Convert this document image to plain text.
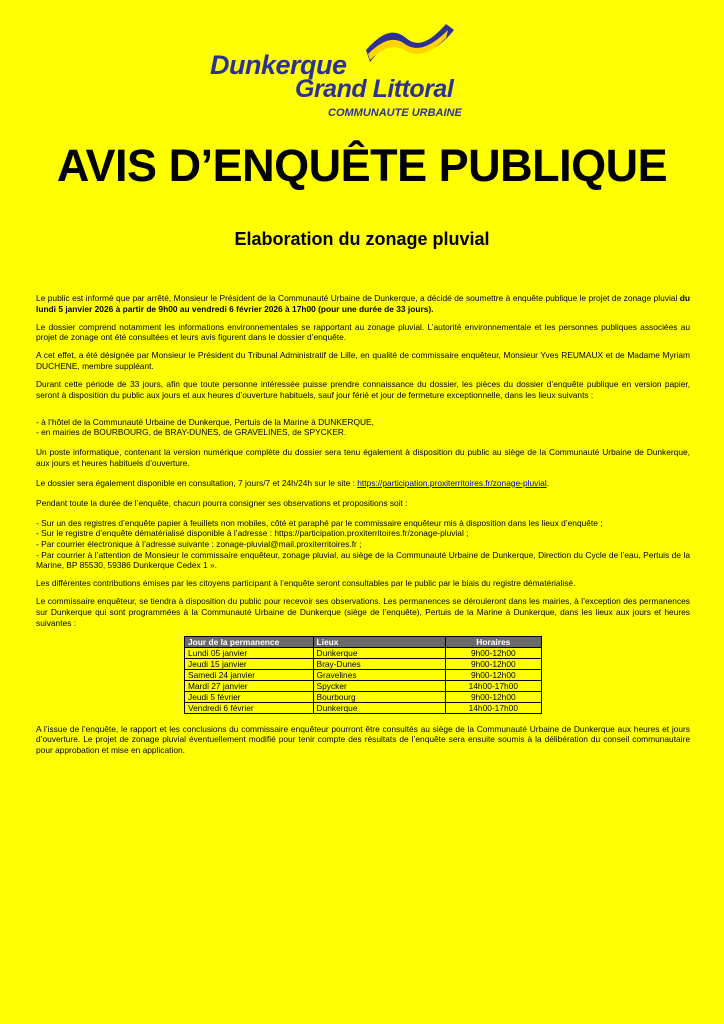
Dunkerque
Grand Littoral
COMMUNAUTE URBAINE
AVIS D’ENQUÊTE PUBLIQUE
Elaboration du zonage pluvial

Le public est informé que par arrêté, Monsieur le Président de la Communauté Urbaine de Dunkerque, a décidé de soumettre à enquête publique le projet de zonage pluvial du lundi 5 janvier 2026 à partir de 9h00 au vendredi 6 février 2026 à 17h00 (pour une durée de 33 jours).

Le dossier comprend notamment les informations environnementales se rapportant au zonage pluvial. L’autorité environnementale et les personnes publiques associées au projet de zonage ont été consultées et leurs avis figurent dans le dossier d’enquête.

A cet effet, a été désignée par Monsieur le Président du Tribunal Administratif de Lille, en qualité de commissaire enquêteur, Monsieur Yves REUMAUX et de Madame Myriam DUCHENE, membre suppléant.

Durant cette période de 33 jours, afin que toute personne intéressée puisse prendre connaissance du dossier, les pièces du dossier d’enquête publique en version papier, seront à disposition du public aux jours et aux heures d’ouverture habituels, sauf jour férié et jour de fermeture exceptionnelle, dans les lieux suivants :

- à l’hôtel de la Communauté Urbaine de Dunkerque, Pertuis de la Marine à DUNKERQUE,
- en mairies de BOURBOURG, de BRAY-DUNES, de GRAVELINES, de SPYCKER.

Un poste informatique, contenant la version numérique complète du dossier sera tenu également à disposition du public au siège de la Communauté Urbaine de Dunkerque, aux jours et heures habituels d’ouverture.

Le dossier sera également disponible en consultation, 7 jours/7 et 24h/24h sur le site : https://participation.proxiterritoires.fr/zonage-pluvial.

Pendant toute la durée de l’enquête, chacun pourra consigner ses observations et propositions soit :

- Sur un des registres d’enquête papier à feuillets non mobiles, côté et paraphé par le commissaire enquêteur mis à disposition dans les lieux d’enquête ;
- Sur le registre d’enquête dématérialisé disponible à l’adresse : https://participation.proxiterritoires.fr/zonage-pluvial ;
- Par courrier électronique à l’adresse suivante : zonage-pluvial@mail.proxiterritoires.fr ;
- Par courrier à l’attention de Monsieur le commissaire enquêteur, zonage pluvial, au siège de la Communauté Urbaine de Dunkerque, Direction du Cycle de l’eau, Pertuis de la Marine, BP 85530, 59386 Dunkerque Cedex 1 ».

Les différentes contributions émises par les citoyens participant à l’enquête seront consultables par le public par le biais du registre dématérialisé.

Le commissaire enquêteur, se tiendra à disposition du public pour recevoir ses observations. Les permanences se dérouleront dans les mairies, à l’exception des permanences sur Dunkerque qui sont programmées à la Communauté Urbaine de Dunkerque (siège de l’enquête), Pertuis de la Marine à Dunkerque, dans les lieux aux jours et heures suivantes :

Jour de la permanence	Lieux	Horaires
Lundi 05 janvier	Dunkerque	9h00-12h00
Jeudi 15 janvier	Bray-Dunes	9h00-12h00
Samedi 24 janvier	Gravelines	9h00-12h00
Mardi 27 janvier	Spycker	14h00-17h00
Jeudi 5 février	Bourbourg	9h00-12h00
Vendredi 6 février	Dunkerque	14h00-17h00

A l’issue de l’enquête, le rapport et les conclusions du commissaire enquêteur pourront être consultés au siège de la Communauté Urbaine de Dunkerque aux heures et jours d’ouverture. Le projet de zonage pluvial éventuellement modifié pour tenir compte des résultats de l’enquête sera ensuite soumis à la délibération du conseil communautaire pour approbation et mise en application.
